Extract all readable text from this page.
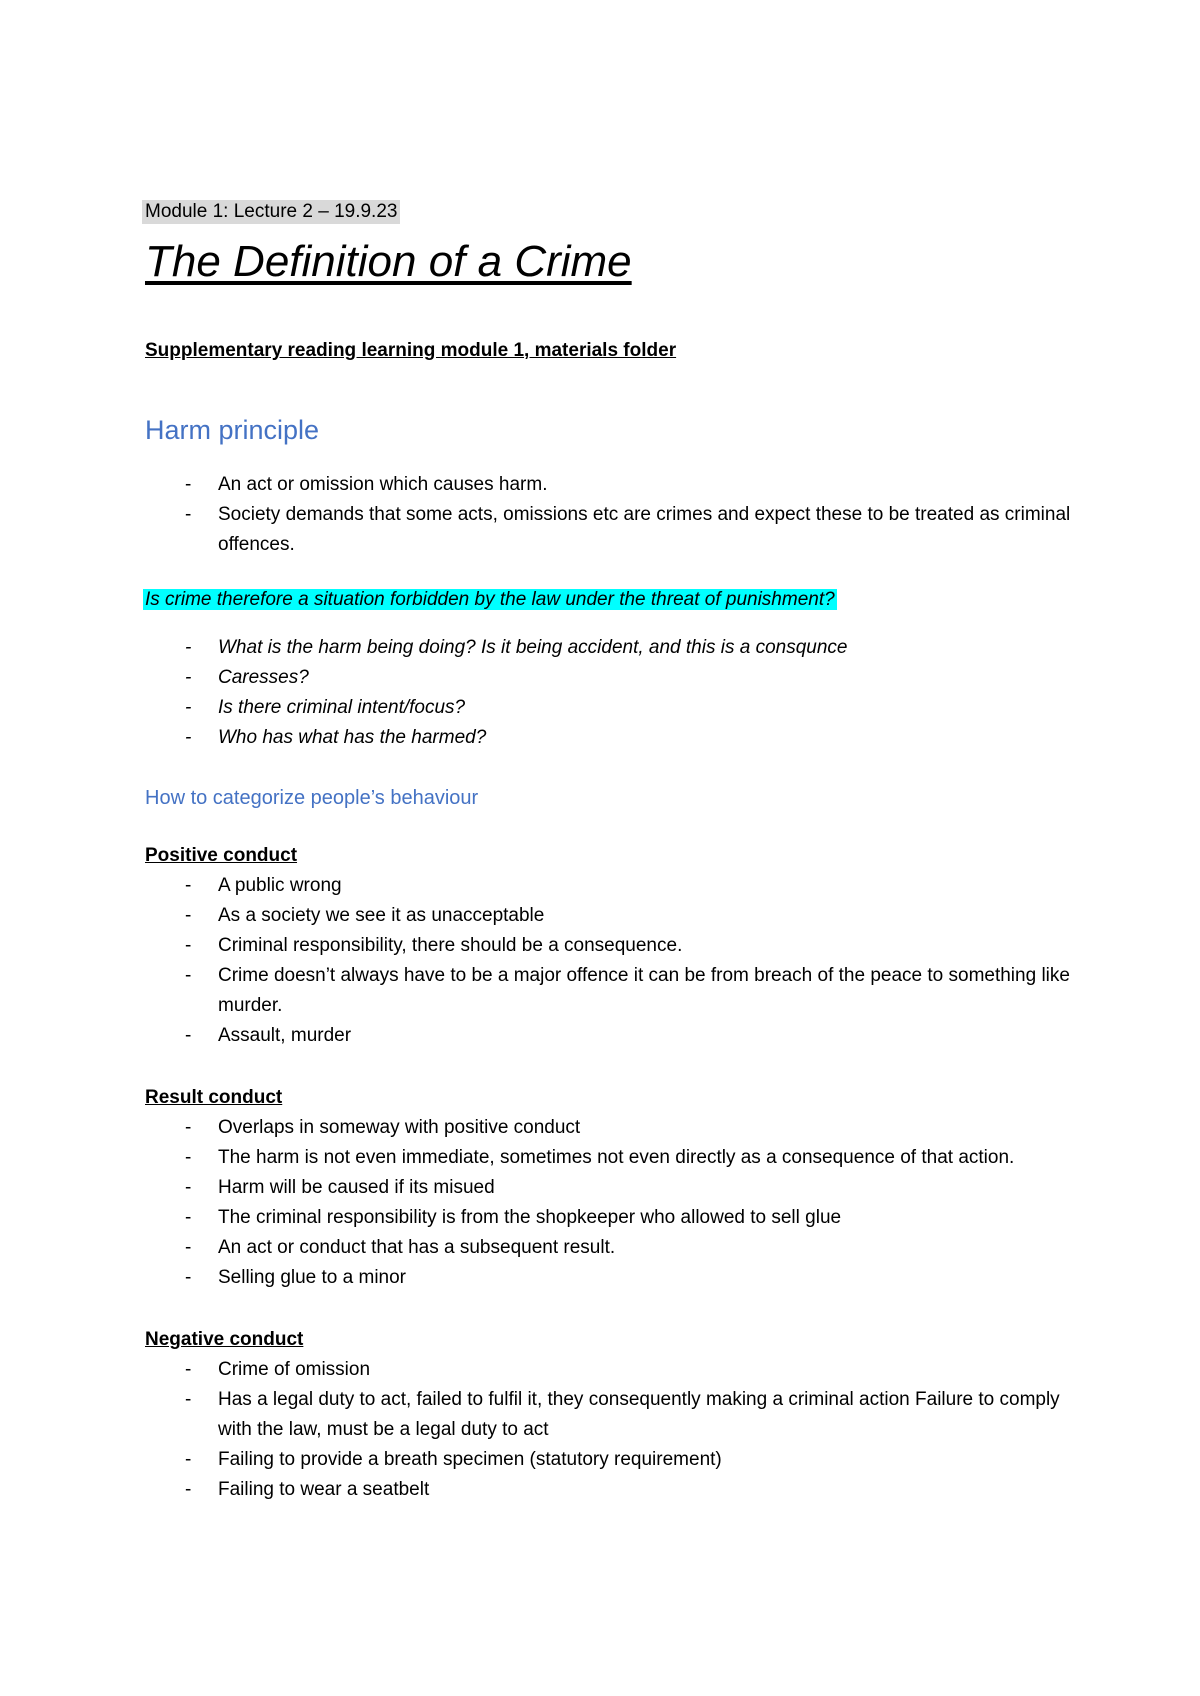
Module 1: Lecture 2 – 19.9.23
The Definition of a Crime
Supplementary reading learning module 1, materials folder
Harm principle
- An act or omission which causes harm.
- Society demands that some acts, omissions etc are crimes and expect these to be treated as criminal offences.
Is crime therefore a situation forbidden by the law under the threat of punishment?
- What is the harm being doing? Is it being accident, and this is a consqunce
- Caresses?
- Is there criminal intent/focus?
- Who has what has the harmed?
How to categorize people’s behaviour
Positive conduct
- A public wrong
- As a society we see it as unacceptable
- Criminal responsibility, there should be a consequence.
- Crime doesn’t always have to be a major offence it can be from breach of the peace to something like murder.
- Assault, murder
Result conduct
- Overlaps in someway with positive conduct
- The harm is not even immediate, sometimes not even directly as a consequence of that action.
- Harm will be caused if its misued
- The criminal responsibility is from the shopkeeper who allowed to sell glue
- An act or conduct that has a subsequent result.
- Selling glue to a minor
Negative conduct
- Crime of omission
- Has a legal duty to act, failed to fulfil it, they consequently making a criminal action Failure to comply with the law, must be a legal duty to act
- Failing to provide a breath specimen (statutory requirement)
- Failing to wear a seatbelt
